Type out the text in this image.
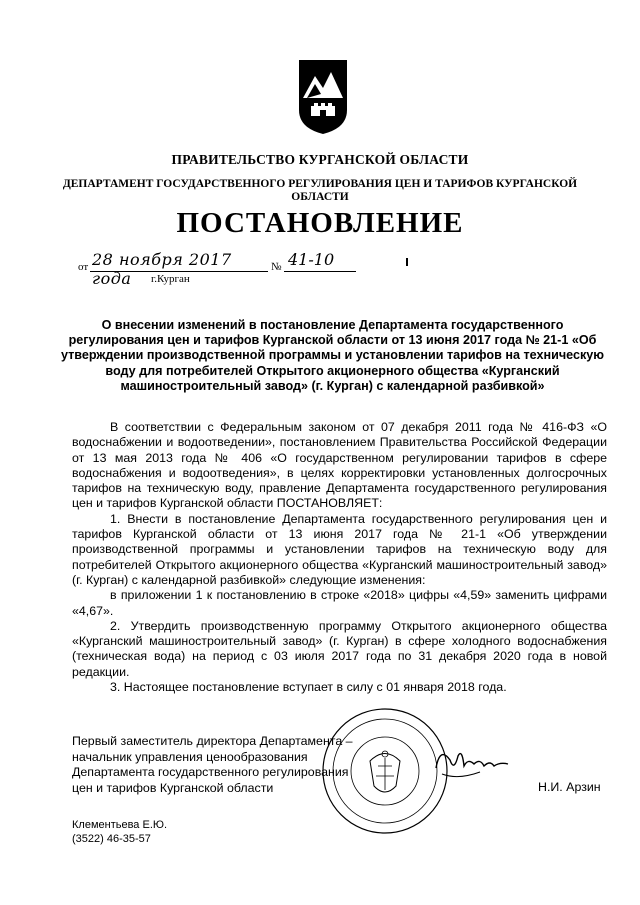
ПРАВИТЕЛЬСТВО КУРГАНСКОЙ ОБЛАСТИ
ДЕПАРТАМЕНТ ГОСУДАРСТВЕННОГО РЕГУЛИРОВАНИЯ ЦЕН И ТАРИФОВ КУРГАНСКОЙ ОБЛАСТИ
ПОСТАНОВЛЕНИЕ
от 28 ноября 2017 года
№ 41-10
г.Курган
О внесении изменений в постановление Департамента государственного регулирования цен и тарифов Курганской области от 13 июня 2017 года № 21-1 «Об утверждении производственной программы и установлении тарифов на техническую воду для потребителей Открытого акционерного общества «Курганский машиностроительный завод» (г. Курган) с календарной разбивкой»

В соответствии с Федеральным законом от 07 декабря 2011 года № 416-ФЗ «О водоснабжении и водоотведении», постановлением Правительства Российской Федерации от 13 мая 2013 года № 406 «О государственном регулировании тарифов в сфере водоснабжения и водоотведения», в целях корректировки установленных долгосрочных тарифов на техническую воду, правление Департамента государственного регулирования цен и тарифов Курганской области ПОСТАНОВЛЯЕТ:

1. Внести в постановление Департамента государственного регулирования цен и тарифов Курганской области от 13 июня 2017 года № 21-1 «Об утверждении производственной программы и установлении тарифов на техническую воду для потребителей Открытого акционерного общества «Курганский машиностроительный завод» (г. Курган) с календарной разбивкой» следующие изменения:

в приложении 1 к постановлению в строке «2018» цифры «4,59» заменить цифрами «4,67».

2. Утвердить производственную программу Открытого акционерного общества «Курганский машиностроительный завод» (г. Курган) в сфере холодного водоснабжения (техническая вода) на период с 03 июля 2017 года по 31 декабря 2020 года в новой редакции.

3. Настоящее постановление вступает в силу с 01 января 2018 года.

Первый заместитель директора Департамента –
начальник управления ценообразования
Департамента государственного регулирования
цен и тарифов Курганской области	Н.И. Арзин
Клементьева Е.Ю.
(3522) 46-35-57
